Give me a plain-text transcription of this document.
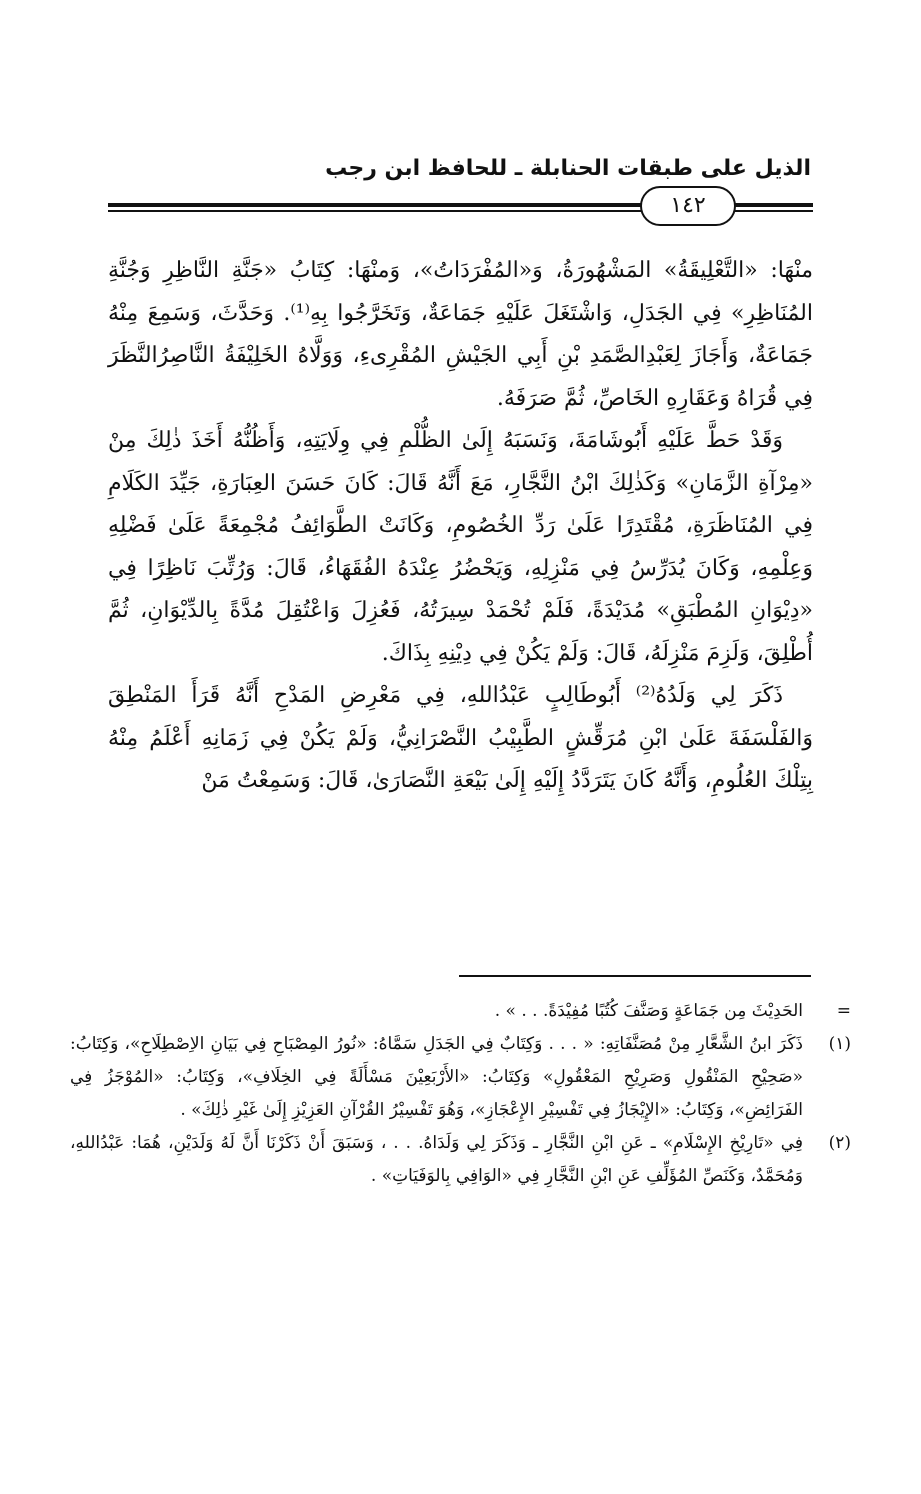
الذيل على طبقات الحنابلة ـ للحافظ ابن رجب
١٤٢

منْهَا: «التَّعْلِيقَةُ» المَشْهُورَةُ، وَ«المُفْرَدَاتُ»، وَمنْهَا: كِتَابُ «جَنَّةِ النَّاظِرِ وَجُنَّةِ المُنَاظِرِ» فِي الجَدَلِ، وَاشْتَغَلَ عَلَيْهِ جَمَاعَةٌ، وَتَخَرَّجُوا بِهِ⁽¹⁾. وَحَدَّثَ، وَسَمِعَ مِنْهُ جَمَاعَةٌ، وَأَجَازَ لِعَبْدِالصَّمَدِ بْنِ أَبِي الجَيْشِ المُقْرِىءِ، وَوَلَّاهُ الخَلِيْفَةُ النَّاصِرُالنَّظَرَ فِي قُرَاهُ وَعَقَارِهِ الخَاصِّ، ثُمَّ صَرَفَهُ.

وَقَدْ حَطَّ عَلَيْهِ أَبُوشَامَةَ، وَنَسَبَهُ إِلَىٰ الظُّلْمِ فِي وِلَايَتِهِ، وَأَظُنُّهُ أَخَذَ ذٰلِكَ مِنْ «مِرْآةِ الزَّمَانِ» وَكَذٰلِكَ ابْنُ النَّجَّارِ، مَعَ أَنَّهُ قَالَ: كَانَ حَسَنَ العِبَارَةِ، جَيِّدَ الكَلَامِ فِي المُنَاظَرَةِ، مُقْتَدِرًا عَلَىٰ رَدِّ الخُصُومِ، وَكَانَتْ الطَّوَائِفُ مُجْمِعَةً عَلَىٰ فَضْلِهِ وَعِلْمِهِ، وَكَانَ يُدَرِّسُ فِي مَنْزِلِهِ، وَيَحْضُرُ عِنْدَهُ الفُقَهَاءُ، قَالَ: وَرُتِّبَ نَاظِرًا فِي «دِيْوَانِ المُطْبَقِ» مُدَيْدَةً، فَلَمْ تُحْمَدْ سِيرَتُهُ، فَعُزِلَ وَاعْتُقِلَ مُدَّةً بِالدِّيْوَانِ، ثُمَّ أُطْلِقَ، وَلَزِمَ مَنْزِلَهُ، قَالَ: وَلَمْ يَكُنْ فِي دِيْنِهِ بِذَاكَ.

ذَكَرَ لِي وَلَدُهُ⁽²⁾ أَبُوطَالِبٍ عَبْدُاللهِ، فِي مَعْرِضِ المَدْحِ أَنَّهُ قَرَأَ المَنْطِقَ وَالفَلْسَفَةَ عَلَىٰ ابْنِ مُرَقِّشٍ الطَّبِيْبُ النَّصْرَانِيُّ، وَلَمْ يَكُنْ فِي زَمَانِهِ أَعْلَمُ مِنْهُ بِتِلْكَ العُلُومِ، وَأَنَّهُ كَانَ يَتَرَدَّدُ إِلَيْهِ إِلَىٰ بَيْعَةِ النَّصَارَىٰ، قَالَ: وَسَمِعْتُ مَنْ

=
الحَدِيْثَ مِن جَمَاعَةٍ وَصَنَّفَ كُتُبًا مُفِيْدَةً. . . » .
(١)
ذَكَرَ ابنُ الشَّعَّارِ مِنْ مُصَنَّفَاتِهِ: « . . . وَكِتَابٌ فِي الجَدَلِ سَمَّاهُ: «نُورُ المِصْبَاحِ فِي بَيَانِ الاِصْطِلَاحِ»، وَكِتَابُ: «صَحِيْحِ المَنْقُولِ وَصَرِيْحِ المَعْقُولِ» وَكِتَابُ: «الأَرْبَعِيْنَ مَسْأَلَةً فِي الخِلَافِ»، وَكِتَابُ: «المُوْجَزُ فِي الفَرَائِضِ»، وَكِتَابُ: «الإِيْجَازُ فِي تَفْسِيْرِ الإِعْجَازِ»، وَهُوَ تَفْسِيْرُ القُرْآنِ العَزِيْزِ إِلَىٰ غَيْرِ ذٰلِكَ» .
(٢)
فِي «تَارِيْخِ الإِسْلَامِ» ـ عَنِ ابْنِ النَّجَّارِ ـ وَذَكَرَ لِي وَلَدَاهُ. . . ، وَسَبَقَ أَنْ ذَكَرْنَا أَنَّ لَهُ وَلَدَيْنِ، هُمَا: عَبْدُاللهِ، وَمُحَمَّدٌ، وَكَنَصِّ المُؤَلِّفِ عَنِ ابْنِ النَّجَّارِ فِي «الوَافِي بِالوَفَيَاتِ» .
